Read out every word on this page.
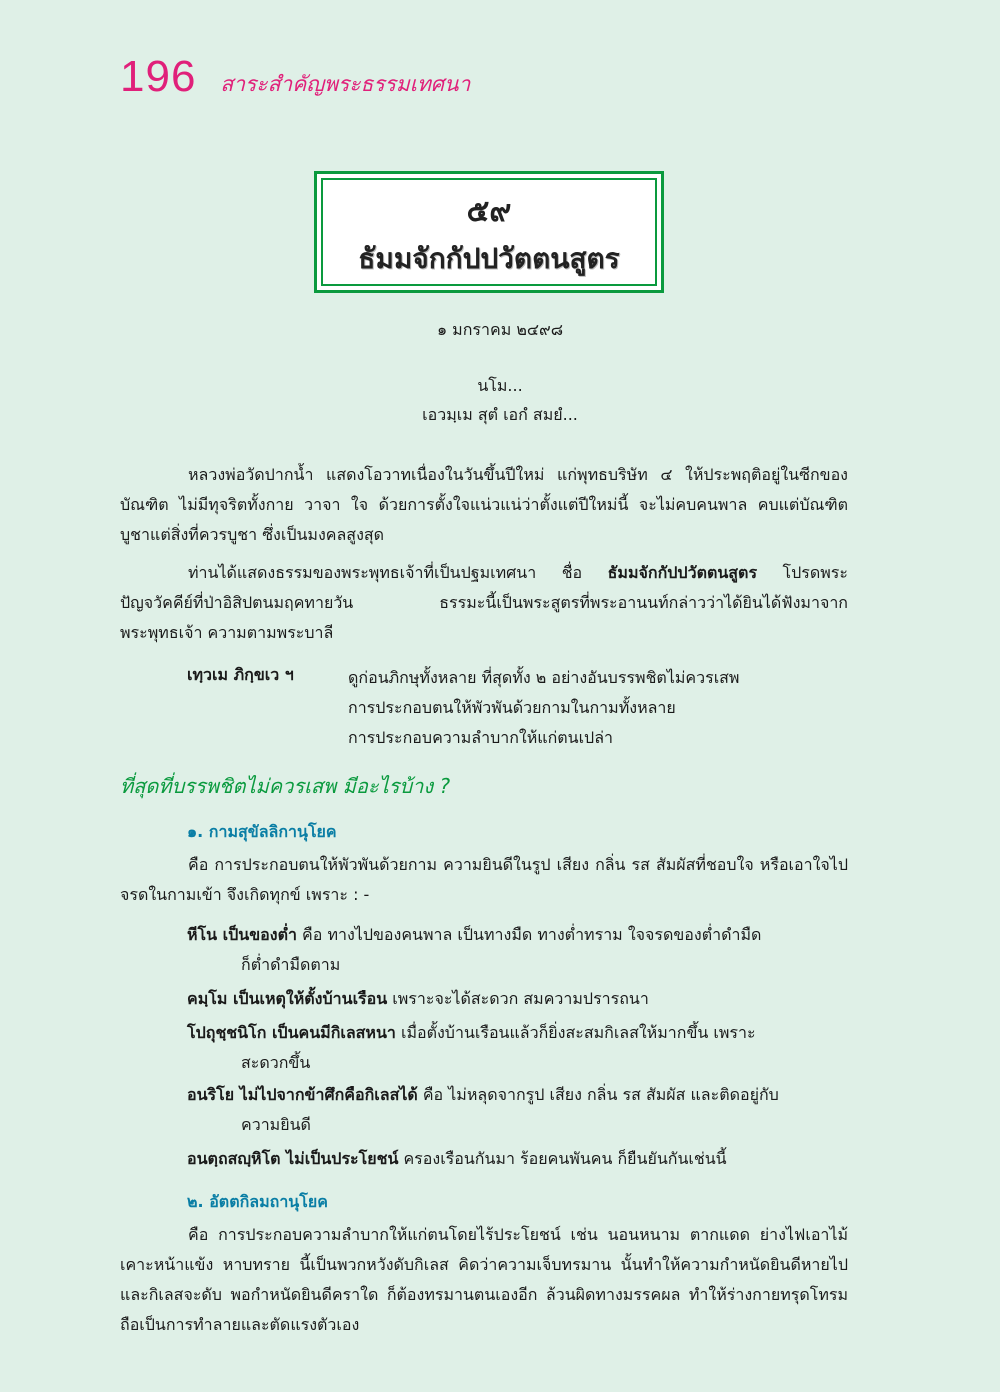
196 สาระสำคัญพระธรรมเทศนา
๕๙
ธัมมจักกัปปวัตตนสูตร
๑ มกราคม ๒๔๙๘
นโม...
เอวมฺเม สุตํ เอกํ สมยํ...
หลวงพ่อวัดปากน้ำ แสดงโอวาทเนื่องในวันขึ้นปีใหม่ แก่พุทธบริษัท ๔ ให้ประพฤติอยู่ในซีกของบัณฑิต ไม่มีทุจริตทั้งกาย วาจา ใจ ด้วยการตั้งใจแน่วแน่ว่าตั้งแต่ปีใหม่นี้ จะไม่คบคนพาล คบแต่บัณฑิต บูชาแต่สิ่งที่ควรบูชา ซึ่งเป็นมงคลสูงสุด
ท่านได้แสดงธรรมของพระพุทธเจ้าที่เป็นปฐมเทศนา ชื่อ ธัมมจักกัปปวัตตนสูตร โปรดพระปัญจวัคคีย์ที่ป่าอิสิปตนมฤคทายวัน ธรรมะนี้เป็นพระสูตรที่พระอานนท์กล่าวว่าได้ยินได้ฟังมาจากพระพุทธเจ้า ความตามพระบาลี
เทฺวเม ภิกฺขเว ฯ	ดูก่อนภิกษุทั้งหลาย ที่สุดทั้ง ๒ อย่างอันบรรพชิตไม่ควรเสพ
การประกอบตนให้พัวพันด้วยกามในกามทั้งหลาย
การประกอบความลำบากให้แก่ตนเปล่า
ที่สุดที่บรรพชิตไม่ควรเสพ มีอะไรบ้าง ?
๑. กามสุขัลลิกานุโยค
คือ การประกอบตนให้พัวพันด้วยกาม ความยินดีในรูป เสียง กลิ่น รส สัมผัสที่ชอบใจ หรือเอาใจไปจรดในกามเข้า จึงเกิดทุกข์ เพราะ : -
หีโน เป็นของต่ำ คือ ทางไปของคนพาล เป็นทางมืด ทางต่ำทราม ใจจรดของต่ำดำมืด
ก็ต่ำดำมืดตาม
คมฺโม เป็นเหตุให้ตั้งบ้านเรือน เพราะจะได้สะดวก สมความปรารถนา
โปถุชฺชนิโก เป็นคนมีกิเลสหนา เมื่อตั้งบ้านเรือนแล้วก็ยิ่งสะสมกิเลสให้มากขึ้น เพราะ
สะดวกขึ้น
อนริโย ไม่ไปจากข้าศึกคือกิเลสได้ คือ ไม่หลุดจากรูป เสียง กลิ่น รส สัมผัส และติดอยู่กับ
ความยินดี
อนตฺถสญฺหิโต ไม่เป็นประโยชน์ ครองเรือนกันมา ร้อยคนพันคน ก็ยืนยันกันเช่นนี้
๒. อัตตกิลมถานุโยค
คือ การประกอบความลำบากให้แก่ตนโดยไร้ประโยชน์ เช่น นอนหนาม ตากแดด ย่างไฟเอาไม้เคาะหน้าแข้ง หาบทราย นี้เป็นพวกหวังดับกิเลส คิดว่าความเจ็บทรมาน นั้นทำให้ความกำหนัดยินดีหายไปและกิเลสจะดับ พอกำหนัดยินดีคราใด ก็ต้องทรมานตนเองอีก ล้วนผิดทางมรรคผล ทำให้ร่างกายทรุดโทรม ถือเป็นการทำลายและตัดแรงตัวเอง
